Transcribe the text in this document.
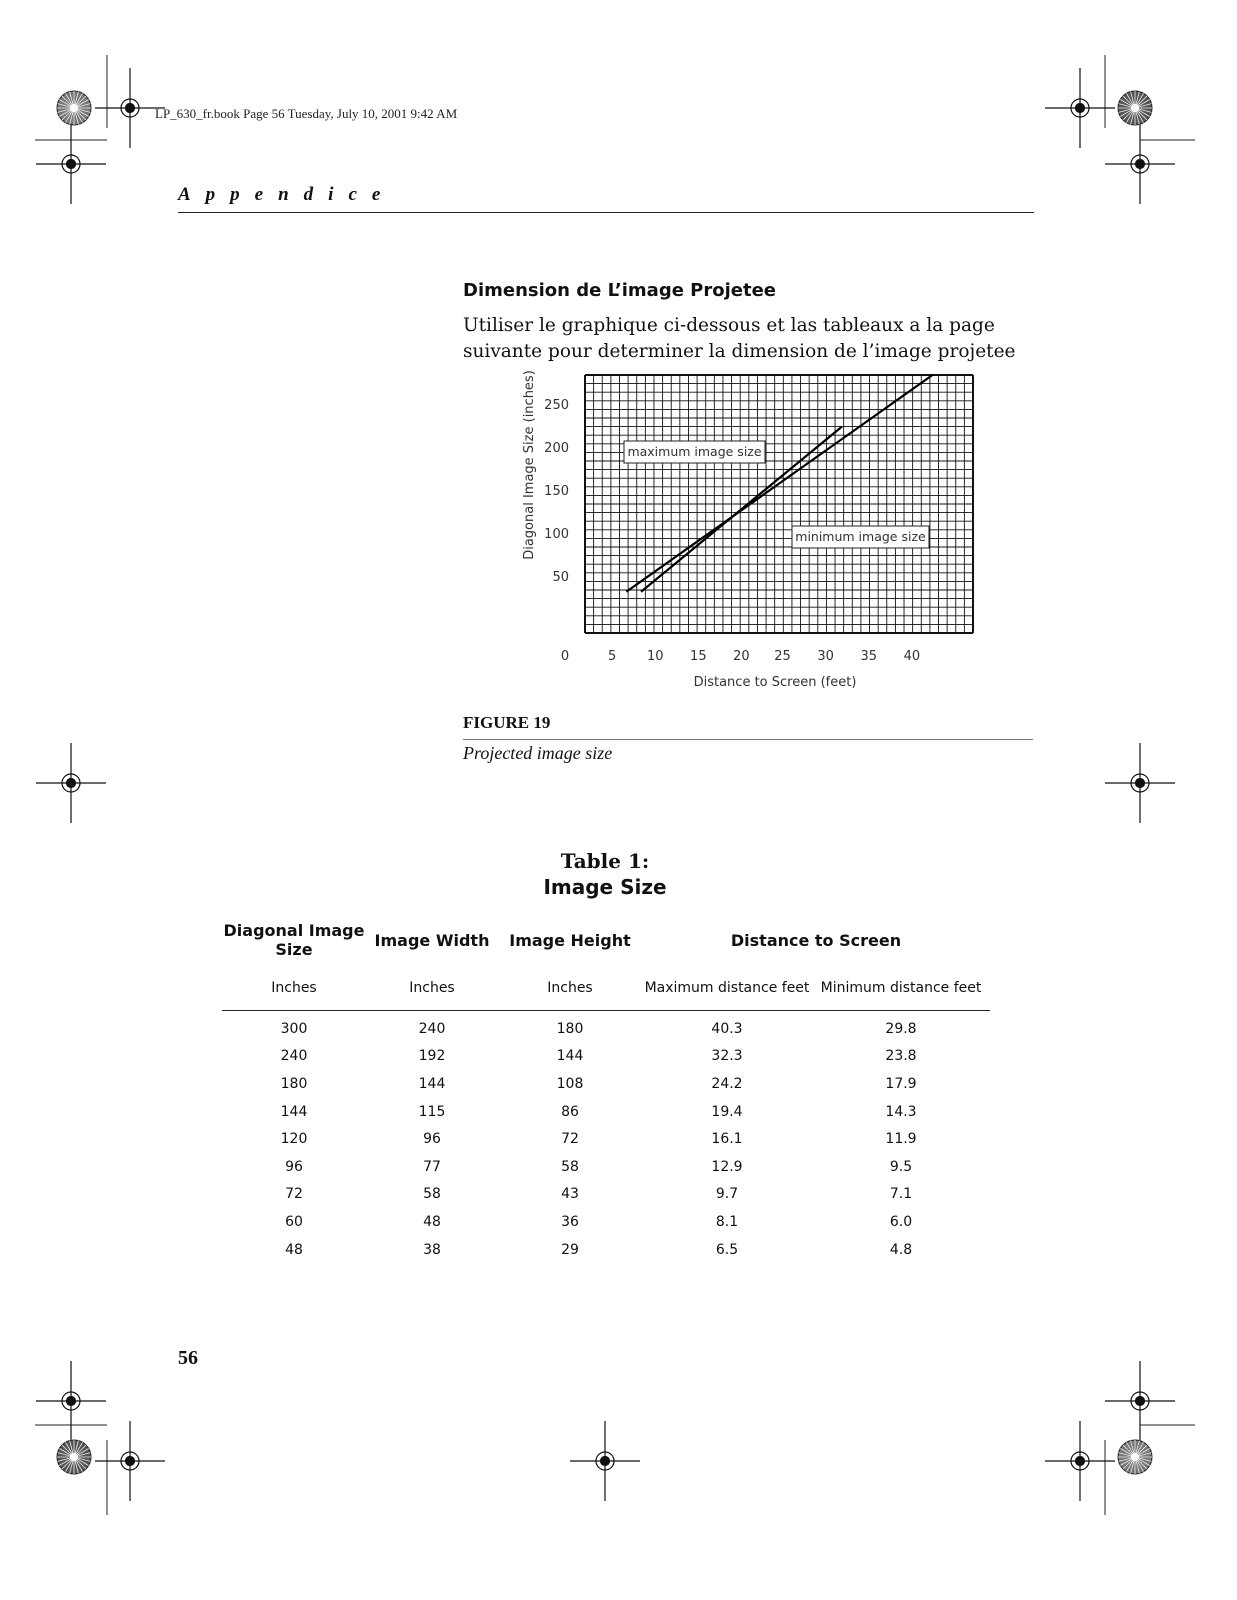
LP_630_fr.book Page 56 Tuesday, July 10, 2001 9:42 AM
Appendice
Dimension de L’image Projetee
Utiliser le graphique ci-dessous et las tableaux a la page suivante pour determiner la dimension de l’image projetee
0	5 10 15 20 25 30 35 40
50
100
150
200
250
Distance to Screen (feet)
Diagonal Image Size (inches)	maximum image size
minimum image size
FIGURE 19
Projected image size
Table 1:
Image Size
Diagonal Image Size	Image Width	Image Height	Distance to Screen	
Inches	Inches	Inches	Maximum distance feet	Minimum distance feet
300	240	180	40.3	29.8
240	192	144	32.3	23.8
180	144	108	24.2	17.9
144	115	86	19.4	14.3
120	96	72	16.1	11.9
96	77	58	12.9	9.5
72	58	43	9.7	7.1
60	48	36	8.1	6.0
48	38	29	6.5	4.8
56
